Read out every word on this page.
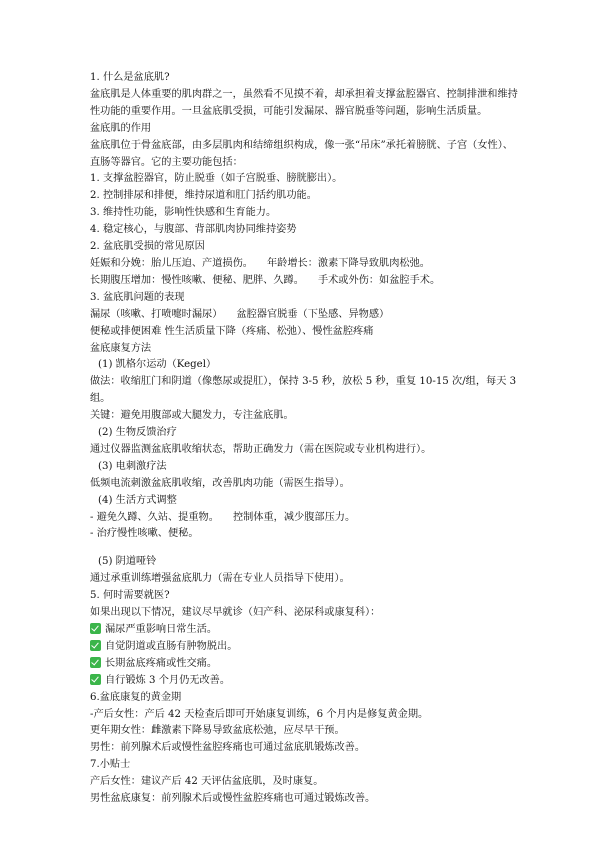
1. 什么是盆底肌?

盆底肌是人体重要的肌肉群之一，虽然看不见摸不着，却承担着支撑盆腔器官、控制排泄和维持性功能的重要作用。一旦盆底肌受损，可能引发漏尿、器官脱垂等问题，影响生活质量。

盆底肌的作用

盆底肌位于骨盆底部，由多层肌肉和结缔组织构成，像一张“吊床”承托着膀胱、子宫（女性）、直肠等器官。它的主要功能包括：

1. 支撑盆腔器官，防止脱垂（如子宫脱垂、膀胱膨出）。

2. 控制排尿和排便，维持尿道和肛门括约肌功能。

3. 维持性功能，影响性快感和生育能力。

4. 稳定核心，与腹部、背部肌肉协同维持姿势

2. 盆底肌受损的常见原因

妊娠和分娩：胎儿压迫、产道损伤。 年龄增长：激素下降导致肌肉松弛。

长期腹压增加：慢性咳嗽、便秘、肥胖、久蹲。 手术或外伤：如盆腔手术。

3. 盆底肌问题的表现

漏尿（咳嗽、打喷嚏时漏尿） 盆腔器官脱垂（下坠感、异物感）

便秘或排便困难 性生活质量下降（疼痛、松弛）、慢性盆腔疼痛

盆底康复方法

(1) 凯格尔运动（Kegel）

做法：收缩肛门和阴道（像憋尿或提肛），保持 3-5 秒，放松 5 秒，重复 10-15 次/组，每天 3 组。

关键：避免用腹部或大腿发力，专注盆底肌。

(2) 生物反馈治疗

通过仪器监测盆底肌收缩状态，帮助正确发力（需在医院或专业机构进行）。

(3) 电刺激疗法

低频电流刺激盆底肌收缩，改善肌肉功能（需医生指导）。

(4) 生活方式调整

- 避免久蹲、久站、提重物。 控制体重，减少腹部压力。

- 治疗慢性咳嗽、便秘。

(5) 阴道哑铃

通过承重训练增强盆底肌力（需在专业人员指导下使用）。

5. 何时需要就医?

如果出现以下情况，建议尽早就诊（妇产科、泌尿科或康复科）：

漏尿严重影响日常生活。

自觉阴道或直肠有肿物脱出。

长期盆底疼痛或性交痛。

自行锻炼 3 个月仍无改善。

6.盆底康复的黄金期

-产后女性：产后 42 天检查后即可开始康复训练，6 个月内是修复黄金期。

更年期女性：雌激素下降易导致盆底松弛，应尽早干预。

男性：前列腺术后或慢性盆腔疼痛也可通过盆底肌锻炼改善。

7.小贴士

产后女性：建议产后 42 天评估盆底肌，及时康复。

男性盆底康复：前列腺术后或慢性盆腔疼痛也可通过锻炼改善。
